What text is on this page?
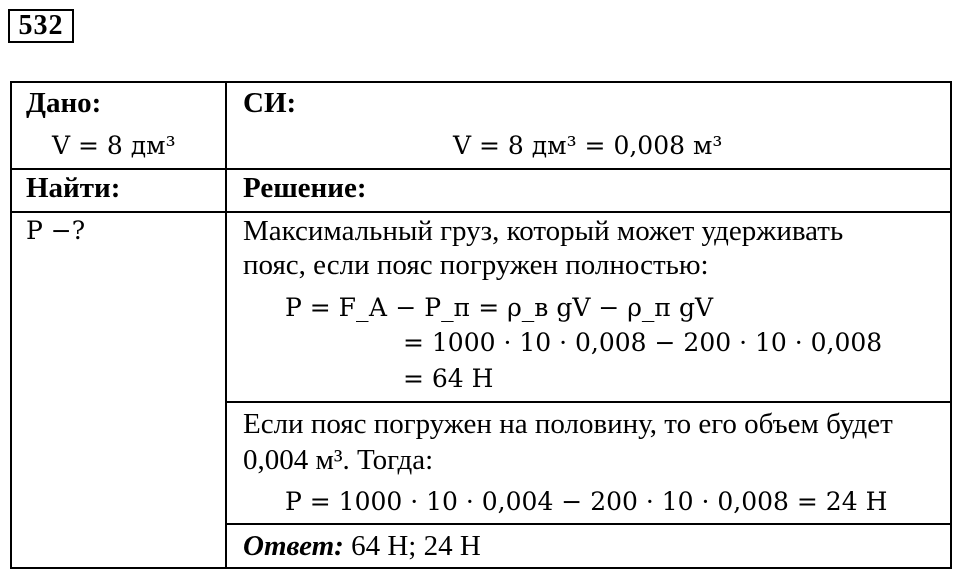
532
Дано:
V = 8 дм³
Найти:
P −?
СИ:
V = 8 дм³ = 0,008 м³
Решение:
Максимальный груз, который может удерживать
пояс, если пояс погружен полностью:
P = F_А − P_п = ρ_в gV − ρ_п gV
= 1000 · 10 · 0,008 − 200 · 10 · 0,008
= 64 Н
Если пояс погружен на половину, то его объем будет
0,004 м³. Тогда:
P = 1000 · 10 · 0,004 − 200 · 10 · 0,008 = 24 Н
Ответ: 64 Н; 24 Н
